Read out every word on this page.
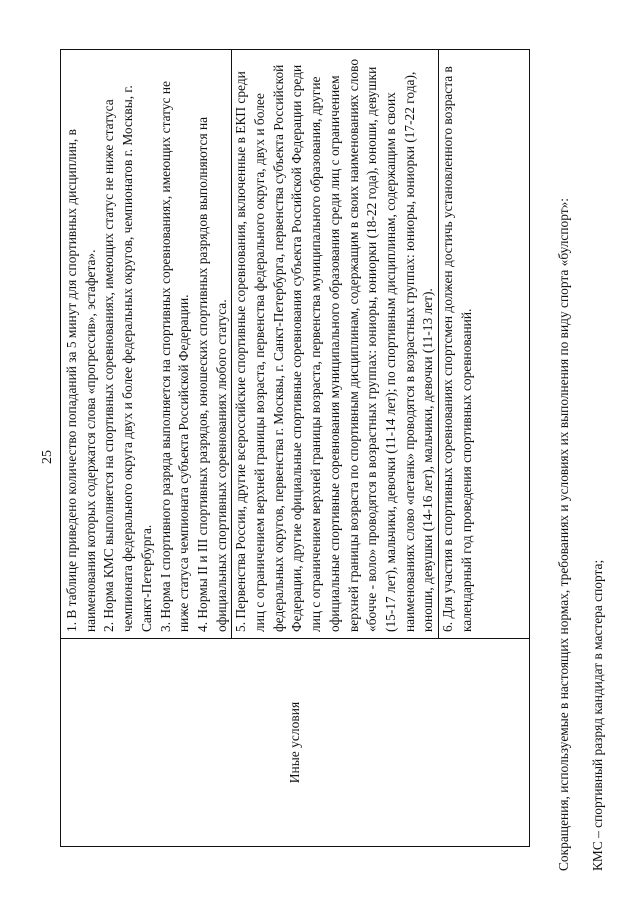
25
Иные условия

1. В таблице приведено количество попаданий за 5 минут для спортивных дисциплин, в наименования которых содержатся слова «прогрессив», эстафета». 2. Норма КМС выполняется на спортивных соревнованиях, имеющих статус не ниже статуса чемпионата федерального округа двух и более федеральных округов, чемпионатов г. Москвы, г. Санкт-Петербурга. 3. Норма I спортивного разряда выполняется на спортивных соревнованиях, имеющих статус не ниже статуса чемпионата субъекта Российской Федерации. 4. Нормы II и III спортивных разрядов, юношеских спортивных разрядов выполняются на официальных спортивных соревнованиях любого статуса. 5. Первенства России, другие всероссийские спортивные соревнования, включенные в ЕКП среди лиц с ограничением верхней границы возраста, первенства федерального округа, двух и более федеральных округов, первенства г. Москвы, г. Санкт-Петербурга, первенства субъекта Российской Федерации, другие официальные спортивные соревнования субъекта Российской Федерации среди лиц с ограничением верхней границы возраста, первенства муниципального образования, другие официальные спортивные соревнования муниципального образования среди лиц с ограничением верхней границы возраста по спортивным дисциплинам, содержащим в своих наименованиях слово «бочче - воло» проводятся в возрастных группах: юниоры, юниорки (18-22 года), юноши, девушки (15-17 лет), мальчики, девочки (11-14 лет); по спортивным дисциплинам, содержащим в своих наименованиях слово «петанк» проводятся в возрастных группах: юниоры, юниорки (17-22 года), юноши, девушки (14-16 лет), мальчики, девочки (11-13 лет). 6. Для участия в спортивных соревнованиях спортсмен должен достичь установленного возраста в календарный год проведения спортивных соревнований.	Сокращения, используемые в настоящих нормах, требованиях и условиях их выполнения по виду спорта «булспорт»: КМС – спортивный разряд кандидат в мастера спорта;
